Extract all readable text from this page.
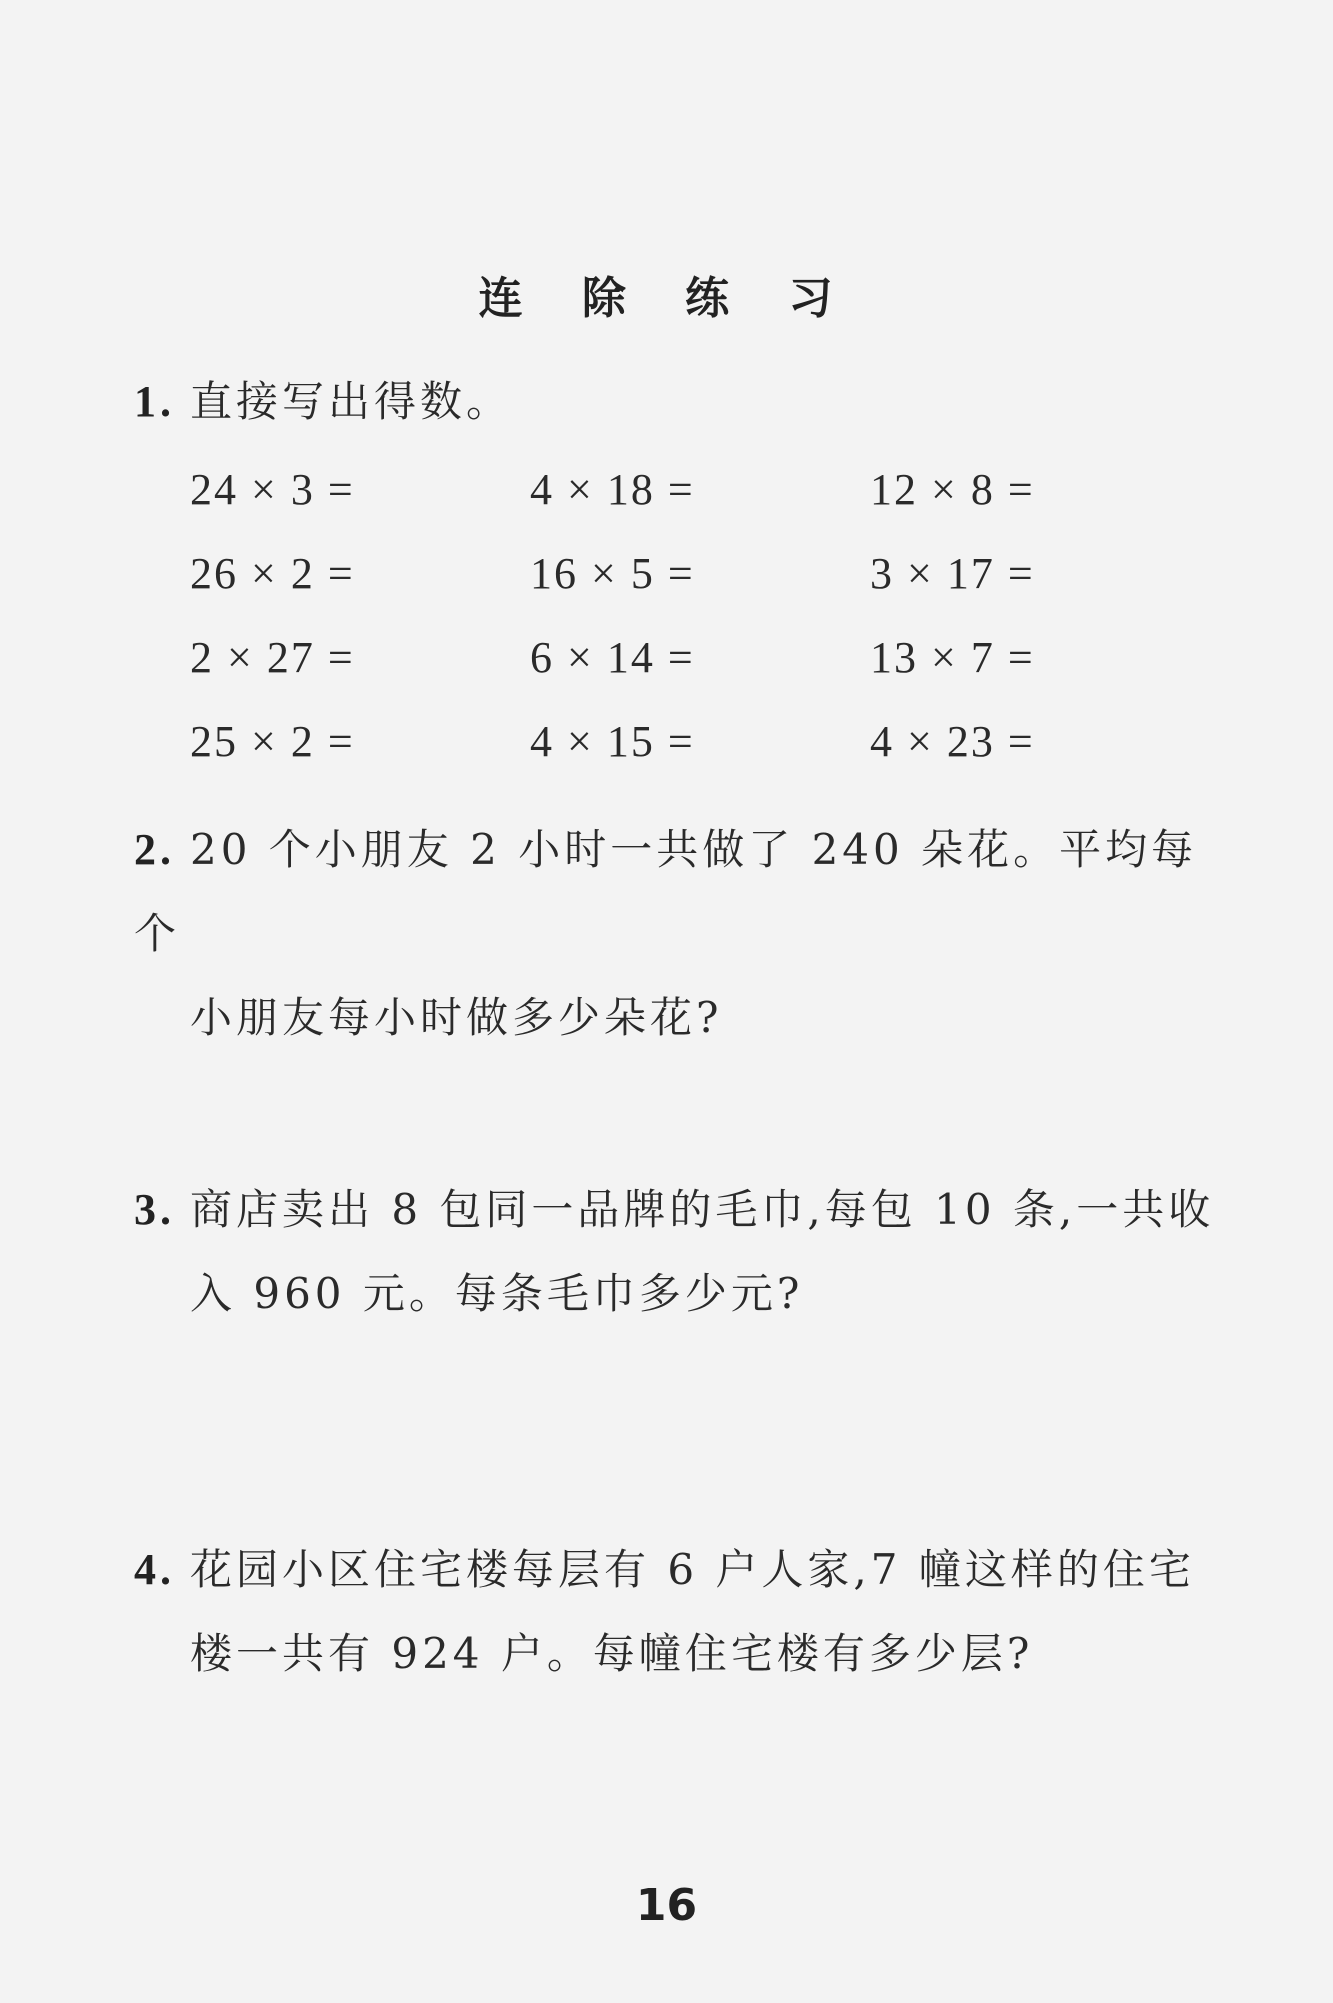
连 除 练 习
1. 直接写出得数。
24 × 3 =	4 × 18 =	12 × 8 =
26 × 2 =	16 × 5 =	3 × 17 =
2 × 27 =	6 × 14 =	13 × 7 =
25 × 2 =	4 × 15 =	4 × 23 =
2. 20 个小朋友 2 小时一共做了 240 朵花。平均每个
小朋友每小时做多少朵花?
3. 商店卖出 8 包同一品牌的毛巾,每包 10 条,一共收
入 960 元。每条毛巾多少元?
4. 花园小区住宅楼每层有 6 户人家,7 幢这样的住宅
楼一共有 924 户。每幢住宅楼有多少层?
16
